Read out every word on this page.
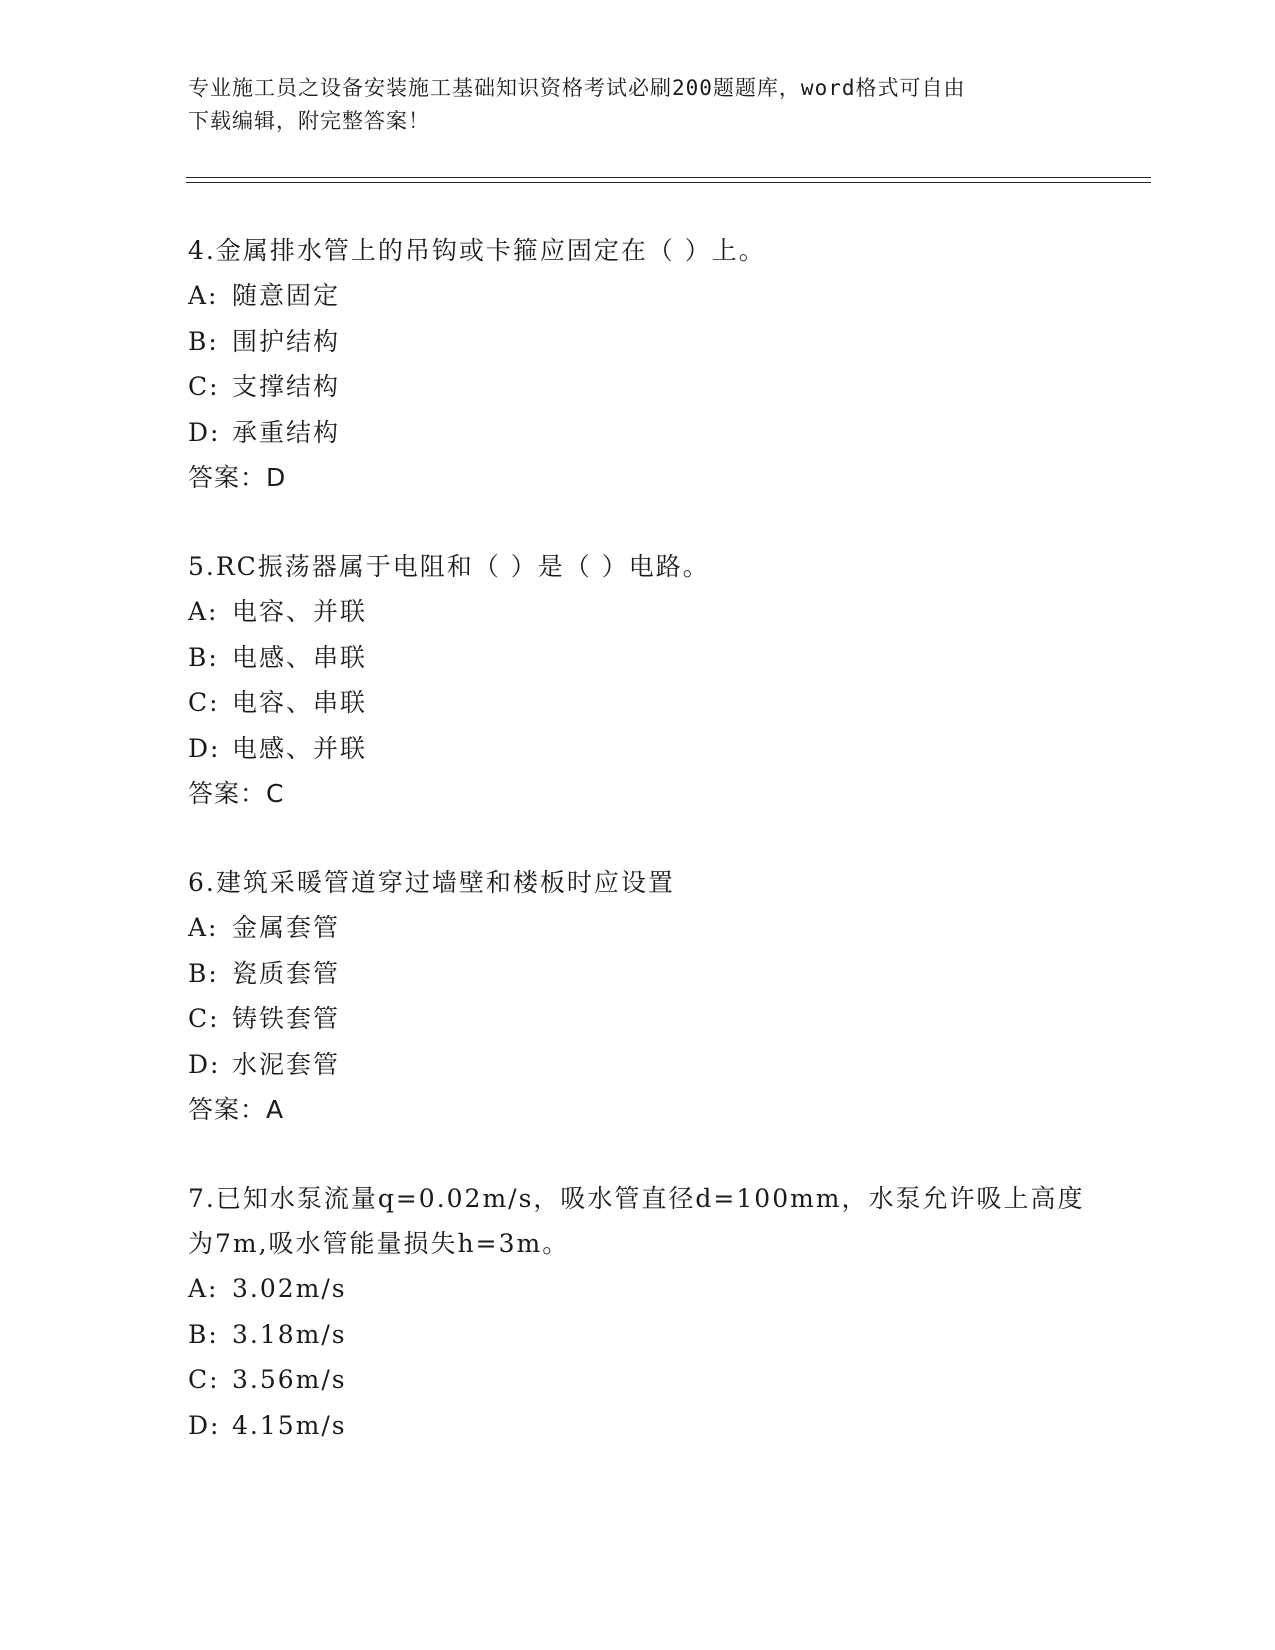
专业施工员之设备安装施工基础知识资格考试必刷200题题库，word格式可自由
下载编辑，附完整答案！
4.金属排水管上的吊钩或卡箍应固定在（ ）上。
A: 随意固定
B: 围护结构
C: 支撑结构
D: 承重结构
答案：D
5.RC振荡器属于电阻和（ ）是（ ）电路。
A: 电容、并联
B: 电感、串联
C: 电容、串联
D: 电感、并联
答案：C
6.建筑采暖管道穿过墙壁和楼板时应设置
A: 金属套管
B: 瓷质套管
C: 铸铁套管
D: 水泥套管
答案：A
7.已知水泵流量q=0.02m/s，吸水管直径d=100mm，水泵允许吸上高度
为7m,吸水管能量损失h=3m。
A: 3.02m/s
B: 3.18m/s
C: 3.56m/s
D: 4.15m/s
